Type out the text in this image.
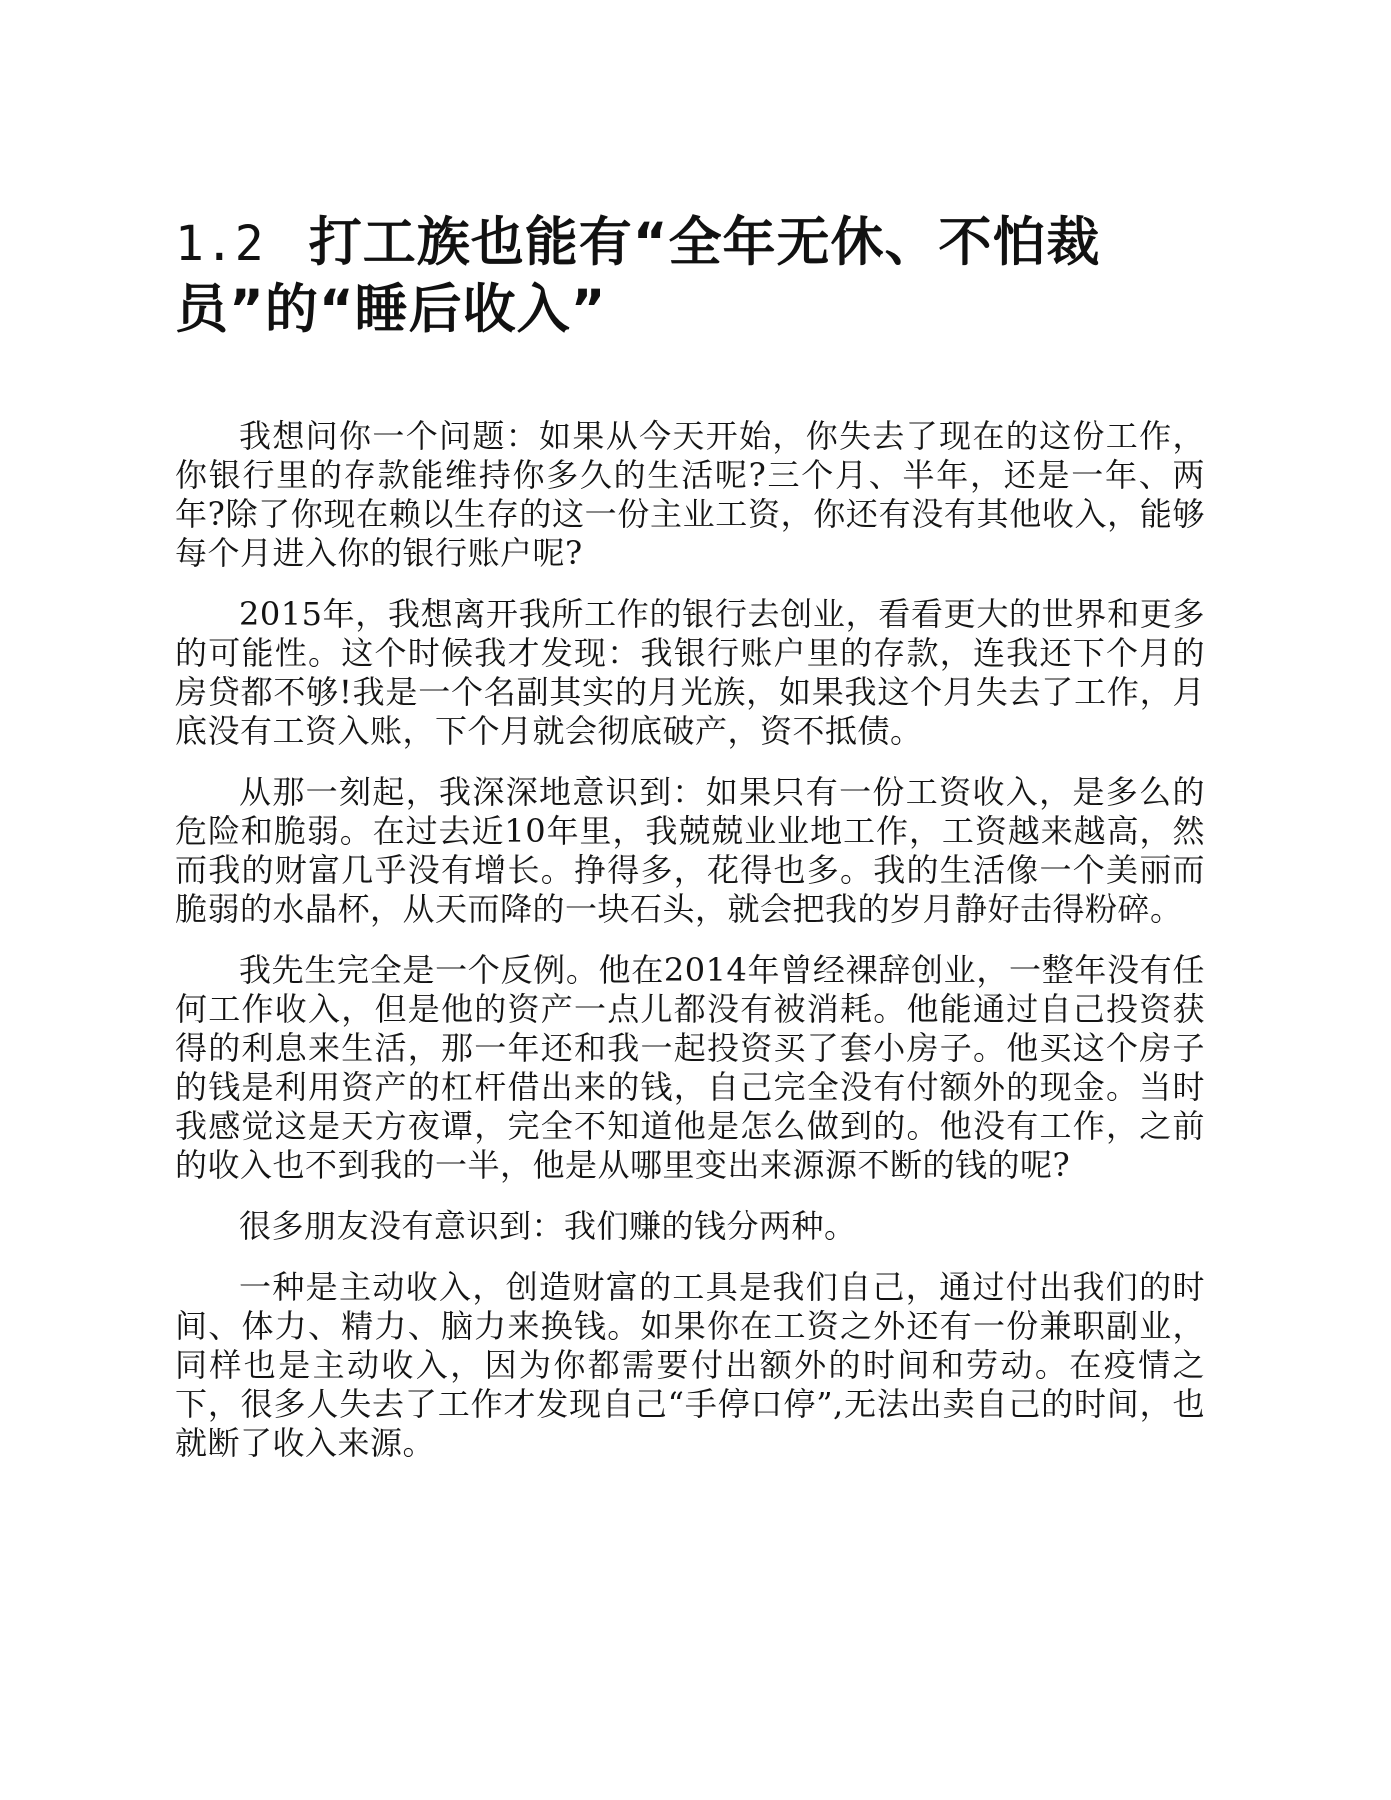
1.2 打工族也能有“全年无休、不怕裁员”的“睡后收入”

我想问你一个问题：如果从今天开始，你失去了现在的这份工作，你银行里的存款能维持你多久的生活呢?三个月、半年，还是一年、两年?除了你现在赖以生存的这一份主业工资，你还有没有其他收入，能够每个月进入你的银行账户呢?

2015年，我想离开我所工作的银行去创业，看看更大的世界和更多的可能性。这个时候我才发现：我银行账户里的存款，连我还下个月的房贷都不够!我是一个名副其实的月光族，如果我这个月失去了工作，月底没有工资入账，下个月就会彻底破产，资不抵债。

从那一刻起，我深深地意识到：如果只有一份工资收入，是多么的危险和脆弱。在过去近10年里，我兢兢业业地工作，工资越来越高，然而我的财富几乎没有增长。挣得多，花得也多。我的生活像一个美丽而脆弱的水晶杯，从天而降的一块石头，就会把我的岁月静好击得粉碎。

我先生完全是一个反例。他在2014年曾经裸辞创业，一整年没有任何工作收入，但是他的资产一点儿都没有被消耗。他能通过自己投资获得的利息来生活，那一年还和我一起投资买了套小房子。他买这个房子的钱是利用资产的杠杆借出来的钱，自己完全没有付额外的现金。当时我感觉这是天方夜谭，完全不知道他是怎么做到的。他没有工作，之前的收入也不到我的一半，他是从哪里变出来源源不断的钱的呢?

很多朋友没有意识到：我们赚的钱分两种。

一种是主动收入，创造财富的工具是我们自己，通过付出我们的时间、体力、精力、脑力来换钱。如果你在工资之外还有一份兼职副业，同样也是主动收入，因为你都需要付出额外的时间和劳动。在疫情之下，很多人失去了工作才发现自己“手停口停”,无法出卖自己的时间，也就断了收入来源。
